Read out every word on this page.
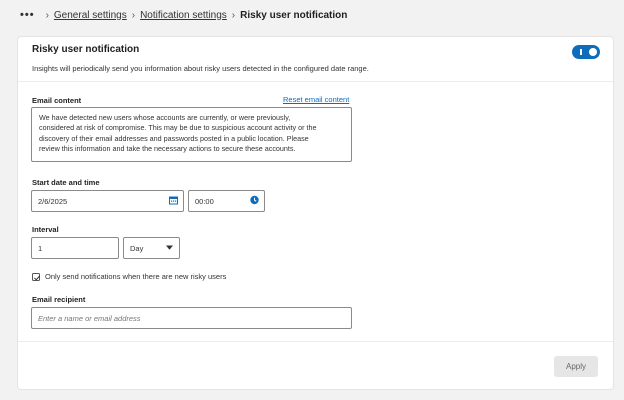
••• › General settings › Notification settings › Risky user notification
Risky user notification
Insights will periodically send you information about risky users detected in the configured date range.
Email content	Reset email content
We have detected new users whose accounts are currently, or were previously,
considered at risk of compromise. This may be due to suspicious account activity or the
discovery of their email addresses and passwords posted in a public location. Please
review this information and take the necessary actions to secure these accounts.
Start date and time
2/6/2025	00:00
Interval
1	Day
Only send notifications when there are new risky users
Email recipient
Enter a name or email address
Apply
